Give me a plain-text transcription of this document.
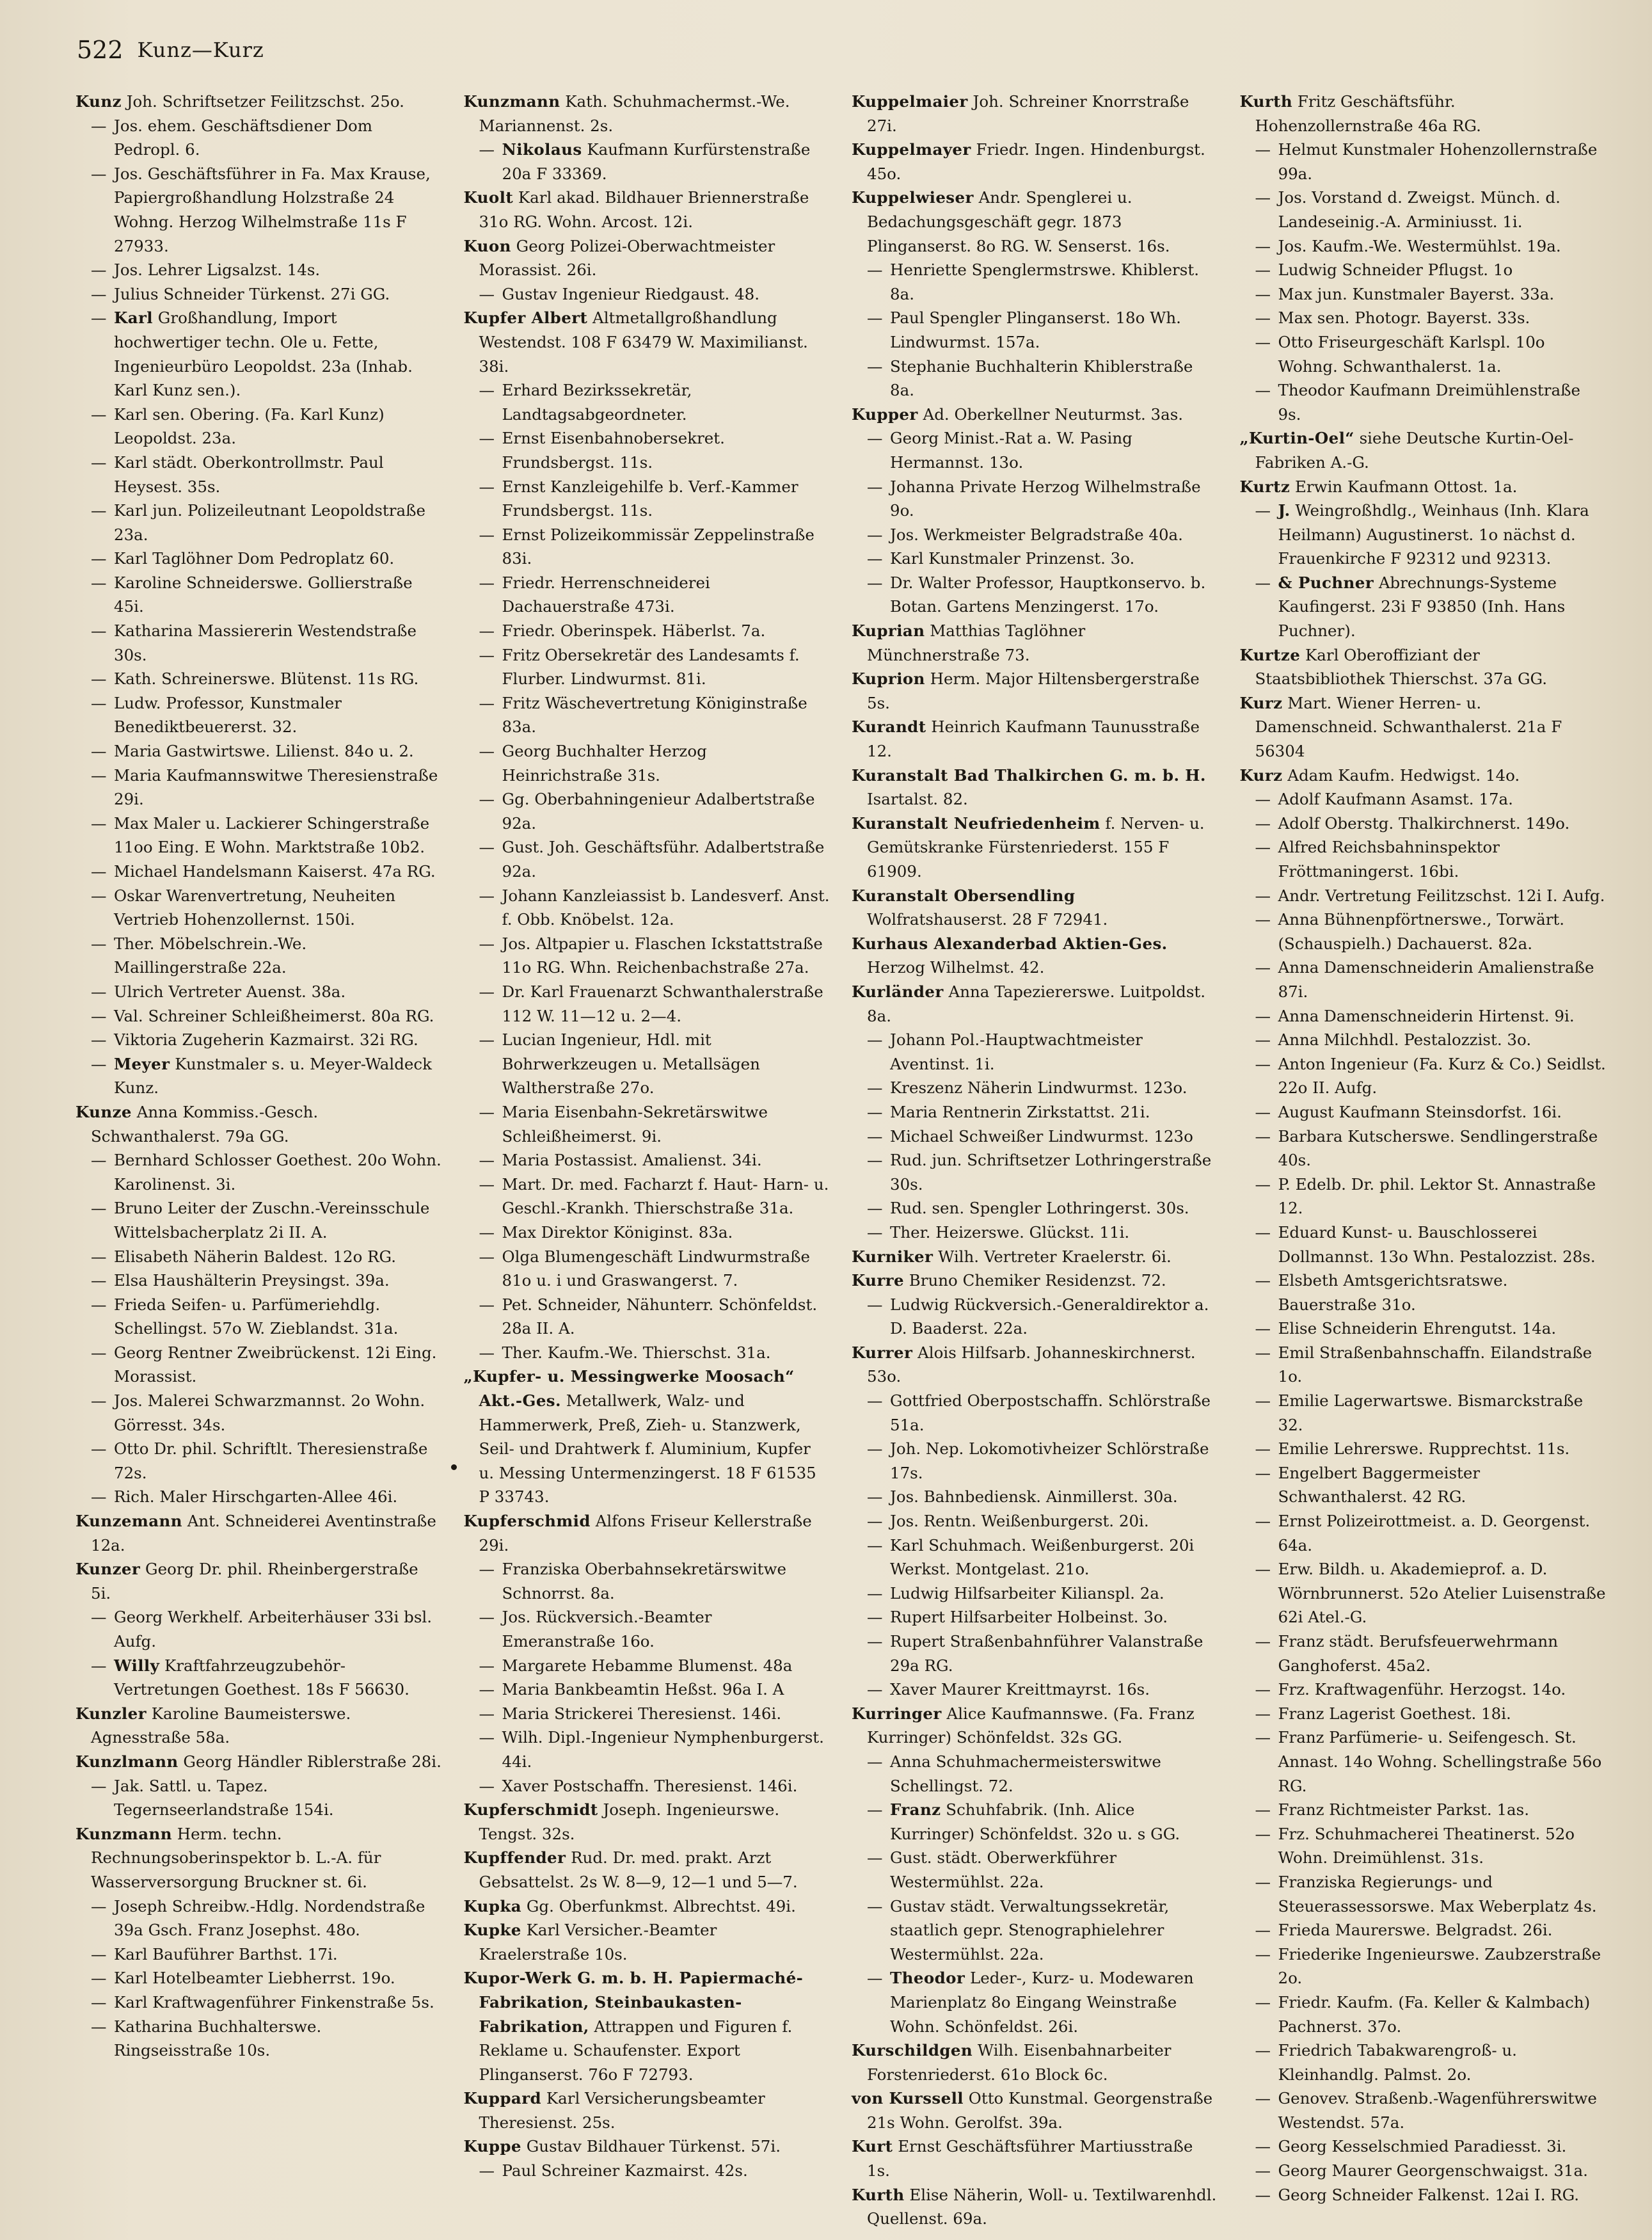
522 Kunz—Kurz

Kunz Joh. Schriftsetzer Feilitzschst. 25o.

— Jos. ehem. Geschäftsdiener Dom Pedropl. 6.

— Jos. Geschäftsführer in Fa. Max Krause, Papiergroßhandlung Holzstraße 24 Wohng. Herzog Wilhelmstraße 11s F 27933.

— Jos. Lehrer Ligsalzst. 14s.

— Julius Schneider Türkenst. 27i GG.

— Karl Großhandlung, Import hochwertiger techn. Ole u. Fette, Ingenieurbüro Leopoldst. 23a (Inhab. Karl Kunz sen.).

— Karl sen. Obering. (Fa. Karl Kunz) Leopoldst. 23a.

— Karl städt. Oberkontrollmstr. Paul Heysest. 35s.

— Karl jun. Polizeileutnant Leopoldstraße 23a.

— Karl Taglöhner Dom Pedroplatz 60.

— Karoline Schneiderswe. Gollierstraße 45i.

— Katharina Massiererin Westendstraße 30s.

— Kath. Schreinerswe. Blütenst. 11s RG.

— Ludw. Professor, Kunstmaler Benediktbeuererst. 32.

— Maria Gastwirtswe. Lilienst. 84o u. 2.

— Maria Kaufmannswitwe Theresienstraße 29i.

— Max Maler u. Lackierer Schingerstraße 11oo Eing. E Wohn. Marktstraße 10b2.

— Michael Handelsmann Kaiserst. 47a RG.

— Oskar Warenvertretung, Neuheiten Vertrieb Hohenzollernst. 150i.

— Ther. Möbelschrein.-We. Maillingerstraße 22a.

— Ulrich Vertreter Auenst. 38a.

— Val. Schreiner Schleißheimerst. 80a RG.

— Viktoria Zugeherin Kazmairst. 32i RG.

— Meyer Kunstmaler s. u. Meyer-Waldeck Kunz.

Kunze Anna Kommiss.-Gesch. Schwanthalerst. 79a GG.

— Bernhard Schlosser Goethest. 20o Wohn. Karolinenst. 3i.

— Bruno Leiter der Zuschn.-Vereinsschule Wittelsbacherplatz 2i II. A.

— Elisabeth Näherin Baldest. 12o RG.

— Elsa Haushälterin Preysingst. 39a.

— Frieda Seifen- u. Parfümeriehdlg. Schellingst. 57o W. Zieblandst. 31a.

— Georg Rentner Zweibrückenst. 12i Eing. Morassist.

— Jos. Malerei Schwarzmannst. 2o Wohn. Görresst. 34s.

— Otto Dr. phil. Schriftlt. Theresienstraße 72s.

— Rich. Maler Hirschgarten-Allee 46i.

Kunzemann Ant. Schneiderei Aventinstraße 12a.

Kunzer Georg Dr. phil. Rheinbergerstraße 5i.

— Georg Werkhelf. Arbeiterhäuser 33i bsl. Aufg.

— Willy Kraftfahrzeugzubehör-Vertretungen Goethest. 18s F 56630.

Kunzler Karoline Baumeisterswe. Agnesstraße 58a.

Kunzlmann Georg Händler Riblerstraße 28i.

— Jak. Sattl. u. Tapez. Tegernseerlandstraße 154i.

Kunzmann Herm. techn. Rechnungsoberinspektor b. L.-A. für Wasserversorgung Bruckner st. 6i.

— Joseph Schreibw.-Hdlg. Nordendstraße 39a Gsch. Franz Josephst. 48o.

— Karl Bauführer Barthst. 17i.

— Karl Hotelbeamter Liebherrst. 19o.

— Karl Kraftwagenführer Finkenstraße 5s.

— Katharina Buchhalterswe. Ringseisstraße 10s.

Kunzmann Kath. Schuhmachermst.-We. Mariannenst. 2s.

— Nikolaus Kaufmann Kurfürstenstraße 20a F 33369.

Kuolt Karl akad. Bildhauer Briennerstraße 31o RG. Wohn. Arcost. 12i.

Kuon Georg Polizei-Oberwachtmeister Morassist. 26i.

— Gustav Ingenieur Riedgaust. 48.

Kupfer Albert Altmetallgroßhandlung Westendst. 108 F 63479 W. Maximilianst. 38i.

— Erhard Bezirkssekretär, Landtagsabgeordneter.

— Ernst Eisenbahnobersekret. Frundsbergst. 11s.

— Ernst Kanzleigehilfe b. Verf.-Kammer Frundsbergst. 11s.

— Ernst Polizeikommissär Zeppelinstraße 83i.

— Friedr. Herrenschneiderei Dachauerstraße 473i.

— Friedr. Oberinspek. Häberlst. 7a.

— Fritz Obersekretär des Landesamts f. Flurber. Lindwurmst. 81i.

— Fritz Wäschevertretung Königinstraße 83a.

— Georg Buchhalter Herzog Heinrichstraße 31s.

— Gg. Oberbahningenieur Adalbertstraße 92a.

— Gust. Joh. Geschäftsführ. Adalbertstraße 92a.

— Johann Kanzleiassist b. Landesverf. Anst. f. Obb. Knöbelst. 12a.

— Jos. Altpapier u. Flaschen Ickstattstraße 11o RG. Whn. Reichenbachstraße 27a.

— Dr. Karl Frauenarzt Schwanthalerstraße 112 W. 11—12 u. 2—4.

— Lucian Ingenieur, Hdl. mit Bohrwerkzeugen u. Metallsägen Waltherstraße 27o.

— Maria Eisenbahn-Sekretärswitwe Schleißheimerst. 9i.

— Maria Postassist. Amalienst. 34i.

— Mart. Dr. med. Facharzt f. Haut- Harn- u. Geschl.-Krankh. Thierschstraße 31a.

— Max Direktor Königinst. 83a.

— Olga Blumengeschäft Lindwurmstraße 81o u. i und Graswangerst. 7.

— Pet. Schneider, Nähunterr. Schönfeldst. 28a II. A.

— Ther. Kaufm.-We. Thierschst. 31a.

„Kupfer- u. Messingwerke Moosach“ Akt.-Ges. Metallwerk, Walz- und Hammerwerk, Preß, Zieh- u. Stanzwerk, Seil- und Drahtwerk f. Aluminium, Kupfer u. Messing Untermenzingerst. 18 F 61535 P 33743.

Kupferschmid Alfons Friseur Kellerstraße 29i.

— Franziska Oberbahnsekretärswitwe Schnorrst. 8a.

— Jos. Rückversich.-Beamter Emeranstraße 16o.

— Margarete Hebamme Blumenst. 48a

— Maria Bankbeamtin Heßst. 96a I. A

— Maria Strickerei Theresienst. 146i.

— Wilh. Dipl.-Ingenieur Nymphenburgerst. 44i.

— Xaver Postschaffn. Theresienst. 146i.

Kupferschmidt Joseph. Ingenieurswe. Tengst. 32s.

Kupffender Rud. Dr. med. prakt. Arzt Gebsattelst. 2s W. 8—9, 12—1 und 5—7.

Kupka Gg. Oberfunkmst. Albrechtst. 49i.

Kupke Karl Versicher.-Beamter Kraelerstraße 10s.

Kupor-Werk G. m. b. H. Papiermaché-Fabrikation, Steinbaukasten-Fabrikation, Attrappen und Figuren f. Reklame u. Schaufenster. Export Plinganserst. 76o F 72793.

Kuppard Karl Versicherungsbeamter Theresienst. 25s.

Kuppe Gustav Bildhauer Türkenst. 57i.

— Paul Schreiner Kazmairst. 42s.

Kuppelmaier Joh. Schreiner Knorrstraße 27i.

Kuppelmayer Friedr. Ingen. Hindenburgst. 45o.

Kuppelwieser Andr. Spenglerei u. Bedachungsgeschäft gegr. 1873 Plinganserst. 8o RG. W. Senserst. 16s.

— Henriette Spenglermstrswe. Khiblerst. 8a.

— Paul Spengler Plinganserst. 18o Wh. Lindwurmst. 157a.

— Stephanie Buchhalterin Khiblerstraße 8a.

Kupper Ad. Oberkellner Neuturmst. 3as.

— Georg Minist.-Rat a. W. Pasing Hermannst. 13o.

— Johanna Private Herzog Wilhelmstraße 9o.

— Jos. Werkmeister Belgradstraße 40a.

— Karl Kunstmaler Prinzenst. 3o.

— Dr. Walter Professor, Hauptkonservo. b. Botan. Gartens Menzingerst. 17o.

Kuprian Matthias Taglöhner Münchnerstraße 73.

Kuprion Herm. Major Hiltensbergerstraße 5s.

Kurandt Heinrich Kaufmann Taunusstraße 12.

Kuranstalt Bad Thalkirchen G. m. b. H. Isartalst. 82.

Kuranstalt Neufriedenheim f. Nerven- u. Gemütskranke Fürstenriederst. 155 F 61909.

Kuranstalt Obersendling Wolfratshauserst. 28 F 72941.

Kurhaus Alexanderbad Aktien-Ges. Herzog Wilhelmst. 42.

Kurländer Anna Tapeziererswe. Luitpoldst. 8a.

— Johann Pol.-Hauptwachtmeister Aventinst. 1i.

— Kreszenz Näherin Lindwurmst. 123o.

— Maria Rentnerin Zirkstattst. 21i.

— Michael Schweißer Lindwurmst. 123o

— Rud. jun. Schriftsetzer Lothringerstraße 30s.

— Rud. sen. Spengler Lothringerst. 30s.

— Ther. Heizerswe. Glückst. 11i.

Kurniker Wilh. Vertreter Kraelerstr. 6i.

Kurre Bruno Chemiker Residenzst. 72.

— Ludwig Rückversich.-Generaldirektor a. D. Baaderst. 22a.

Kurrer Alois Hilfsarb. Johanneskirchnerst. 53o.

— Gottfried Oberpostschaffn. Schlörstraße 51a.

— Joh. Nep. Lokomotivheizer Schlörstraße 17s.

— Jos. Bahnbediensk. Ainmillerst. 30a.

— Jos. Rentn. Weißenburgerst. 20i.

— Karl Schuhmach. Weißenburgerst. 20i Werkst. Montgelast. 21o.

— Ludwig Hilfsarbeiter Kilianspl. 2a.

— Rupert Hilfsarbeiter Holbeinst. 3o.

— Rupert Straßenbahnführer Valanstraße 29a RG.

— Xaver Maurer Kreittmayrst. 16s.

Kurringer Alice Kaufmannswe. (Fa. Franz Kurringer) Schönfeldst. 32s GG.

— Anna Schuhmachermeisterswitwe Schellingst. 72.

— Franz Schuhfabrik. (Inh. Alice Kurringer) Schönfeldst. 32o u. s GG.

— Gust. städt. Oberwerkführer Westermühlst. 22a.

— Gustav städt. Verwaltungssekretär, staatlich gepr. Stenographielehrer Westermühlst. 22a.

— Theodor Leder-, Kurz- u. Modewaren Marienplatz 8o Eingang Weinstraße Wohn. Schönfeldst. 26i.

Kurschildgen Wilh. Eisenbahnarbeiter Forstenriederst. 61o Block 6c.

von Kurssell Otto Kunstmal. Georgenstraße 21s Wohn. Gerolfst. 39a.

Kurt Ernst Geschäftsführer Martiusstraße 1s.

Kurth Elise Näherin, Woll- u. Textilwarenhdl. Quellenst. 69a.

Kurth Fritz Geschäftsführ. Hohenzollernstraße 46a RG.

— Helmut Kunstmaler Hohenzollernstraße 99a.

— Jos. Vorstand d. Zweigst. Münch. d. Landeseinig.-A. Arminiusst. 1i.

— Jos. Kaufm.-We. Westermühlst. 19a.

— Ludwig Schneider Pflugst. 1o

— Max jun. Kunstmaler Bayerst. 33a.

— Max sen. Photogr. Bayerst. 33s.

— Otto Friseurgeschäft Karlspl. 10o Wohng. Schwanthalerst. 1a.

— Theodor Kaufmann Dreimühlenstraße 9s.

„Kurtin-Oel“ siehe Deutsche Kurtin-Oel-Fabriken A.-G.

Kurtz Erwin Kaufmann Ottost. 1a.

— J. Weingroßhdlg., Weinhaus (Inh. Klara Heilmann) Augustinerst. 1o nächst d. Frauenkirche F 92312 und 92313.

— & Puchner Abrechnungs-Systeme Kaufingerst. 23i F 93850 (Inh. Hans Puchner).

Kurtze Karl Oberoffiziant der Staatsbibliothek Thierschst. 37a GG.

Kurz Mart. Wiener Herren- u. Damenschneid. Schwanthalerst. 21a F 56304

Kurz Adam Kaufm. Hedwigst. 14o.

— Adolf Kaufmann Asamst. 17a.

— Adolf Oberstg. Thalkirchnerst. 149o.

— Alfred Reichsbahninspektor Fröttmaningerst. 16bi.

— Andr. Vertretung Feilitzschst. 12i I. Aufg.

— Anna Bühnenpförtnerswe., Torwärt. (Schauspielh.) Dachauerst. 82a.

— Anna Damenschneiderin Amalienstraße 87i.

— Anna Damenschneiderin Hirtenst. 9i.

— Anna Milchhdl. Pestalozzist. 3o.

— Anton Ingenieur (Fa. Kurz & Co.) Seidlst. 22o II. Aufg.

— August Kaufmann Steinsdorfst. 16i.

— Barbara Kutscherswe. Sendlingerstraße 40s.

— P. Edelb. Dr. phil. Lektor St. Annastraße 12.

— Eduard Kunst- u. Bauschlosserei Dollmannst. 13o Whn. Pestalozzist. 28s.

— Elsbeth Amtsgerichtsratswe. Bauerstraße 31o.

— Elise Schneiderin Ehrengutst. 14a.

— Emil Straßenbahnschaffn. Eilandstraße 1o.

— Emilie Lagerwartswe. Bismarckstraße 32.

— Emilie Lehrerswe. Rupprechtst. 11s.

— Engelbert Baggermeister Schwanthalerst. 42 RG.

— Ernst Polizeirottmeist. a. D. Georgenst. 64a.

— Erw. Bildh. u. Akademieprof. a. D. Wörnbrunnerst. 52o Atelier Luisenstraße 62i Atel.-G.

— Franz städt. Berufsfeuerwehrmann Ganghoferst. 45a2.

— Frz. Kraftwagenführ. Herzogst. 14o.

— Franz Lagerist Goethest. 18i.

— Franz Parfümerie- u. Seifengesch. St. Annast. 14o Wohng. Schellingstraße 56o RG.

— Franz Richtmeister Parkst. 1as.

— Frz. Schuhmacherei Theatinerst. 52o Wohn. Dreimühlenst. 31s.

— Franziska Regierungs- und Steuerassessorswe. Max Weberplatz 4s.

— Frieda Maurerswe. Belgradst. 26i.

— Friederike Ingenieurswe. Zaubzerstraße 2o.

— Friedr. Kaufm. (Fa. Keller & Kalmbach) Pachnerst. 37o.

— Friedrich Tabakwarengroß- u. Kleinhandlg. Palmst. 2o.

— Genovev. Straßenb.-Wagenführerswitwe Westendst. 57a.

— Georg Kesselschmied Paradiesst. 3i.

— Georg Maurer Georgenschwaigst. 31a.

— Georg Schneider Falkenst. 12ai I. RG.
